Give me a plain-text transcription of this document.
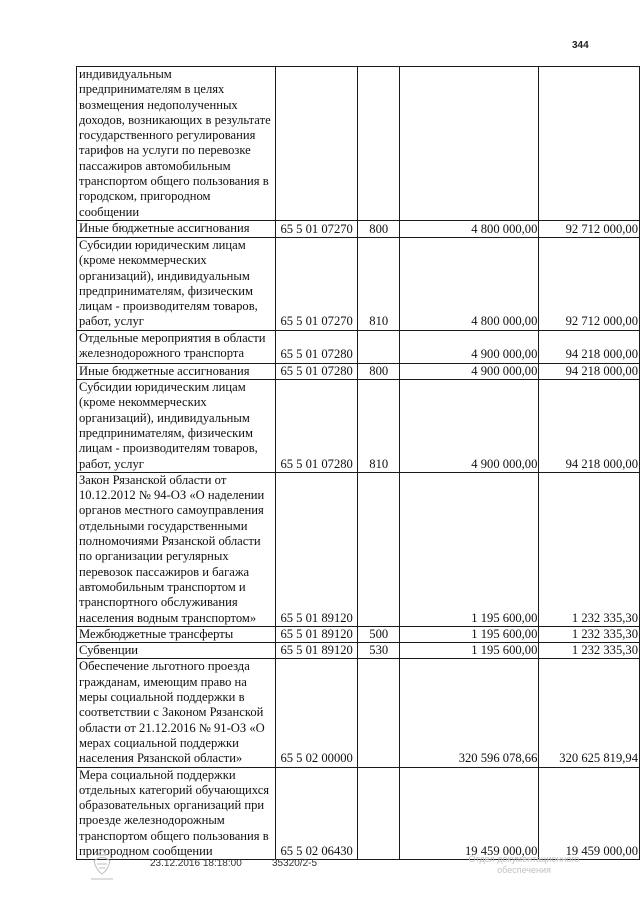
344
индивидуальным предпринимателям в целях возмещения недополученных доходов, возникающих в результате государственного регулирования тарифов на услуги по перевозке пассажиров автомобильным транспортом общего пользования в городском, пригородном сообщении				
Иные бюджетные ассигнования	65 5 01 07270	800	4 800 000,00	92 712 000,00
Субсидии юридическим лицам (кроме некоммерческих организаций), индивидуальным предпринимателям, физическим лицам - производителям товаров, работ, услуг	65 5 01 07270	810	4 800 000,00	92 712 000,00
Отдельные мероприятия в области железнодорожного транспорта	65 5 01 07280		4 900 000,00	94 218 000,00
Иные бюджетные ассигнования	65 5 01 07280	800	4 900 000,00	94 218 000,00
Субсидии юридическим лицам (кроме некоммерческих организаций), индивидуальным предпринимателям, физическим лицам - производителям товаров, работ, услуг	65 5 01 07280	810	4 900 000,00	94 218 000,00
Закон Рязанской области от 10.12.2012 № 94-ОЗ «О наделении органов местного самоуправления отдельными государственными полномочиями Рязанской области по организации регулярных перевозок пассажиров и багажа автомобильным транспортом и транспортного обслуживания населения водным транспортом»	65 5 01 89120		1 195 600,00	1 232 335,30
Межбюджетные трансферты	65 5 01 89120	500	1 195 600,00	1 232 335,30
Субвенции	65 5 01 89120	530	1 195 600,00	1 232 335,30
Обеспечение льготного проезда гражданам, имеющим право на меры социальной поддержки в соответствии с Законом Рязанской области от 21.12.2016 № 91-ОЗ «О мерах социальной поддержки населения Рязанской области»	65 5 02 00000		320 596 078,66	320 625 819,94
Мера социальной поддержки отдельных категорий обучающихся образовательных организаций при проезде железнодорожным транспортом общего пользования в пригородном сообщении	65 5 02 06430		19 459 000,00	19 459 000,00
23.12.2016 18:18:00	35320/2-5	Отдел документационного обеспечения
